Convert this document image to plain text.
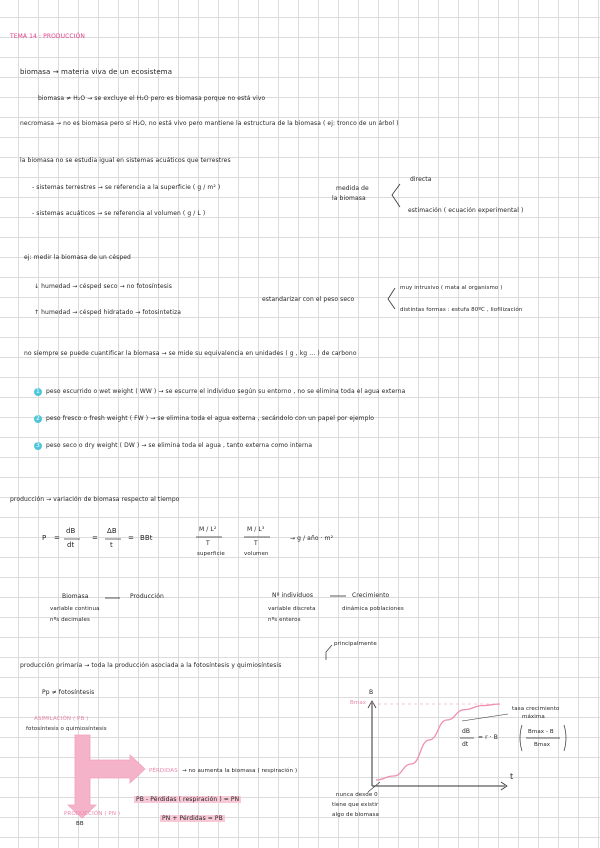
TEMA 14 : PRODUCCIÓN
biomasa → materia viva de un ecosistema
biomasa ≠ H₂O → se excluye el H₂O pero es biomasa porque no está vivo
necromasa → no es biomasa pero sí H₂O, no está vivo pero mantiene la estructura de la biomasa ( ej: tronco de un árbol )
la biomasa no se estudia igual en sistemas acuáticos que terrestres
- sistemas terrestres → se referencia a la superficie ( g / m² )
- sistemas acuáticos → se referencia al volumen ( g / L )
medida de
la biomasa
directa
estimación ( ecuación experimental )
ej: medir la biomasa de un césped
↓ humedad → césped seco → no fotosíntesis
↑ humedad → césped hidratado → fotosintetiza
estandarizar con el peso seco
muy intrusivo ( mata al organismo )
distintas formas : estufa 80ºC , liofilización
no siempre se puede cuantificar la biomasa → se mide su equivalencia en unidades ( g , kg … ) de carbono
1 peso escurrido o wet weight ( WW ) → se escurre el individuo según su entorno , no se elimina toda el agua externa
2 peso fresco o fresh weight ( FW ) → se elimina toda el agua externa , secándolo con un papel por ejemplo
3 peso seco o dry weight ( DW ) → se elimina toda el agua , tanto externa como interna
producción → variación de biomasa respecto al tiempo
P =
dB
dt
=
ΔB
t
= BBt
M / L²
T
superficie
M / L³
T
volumen
→ g / año · m²
Biomasa	Producción
variable continua
nºs decimales
Nº individuos	Crecimiento
variable discreta	dinámica poblaciones
nºs enteros
principalmente
producción primaria → toda la producción asociada a la fotosíntesis y quimiosíntesis
Pp ≠ fotosíntesis
ASIMILACIÓN ( PB )
fotosíntesis o quimiosíntesis
PÉRDIDAS → no aumenta la biomasa ( respiración )
PRODUCCIÓN ( PN )
BB
PB - Pérdidas ( respiración ) = PN
PN + Pérdidas = PB
Bmax
B
t
tasa crecimiento
máxima
nunca desde 0
tiene que existir
algo de biomasa
dB
dt
= r · B
Bmax - B
Bmax
